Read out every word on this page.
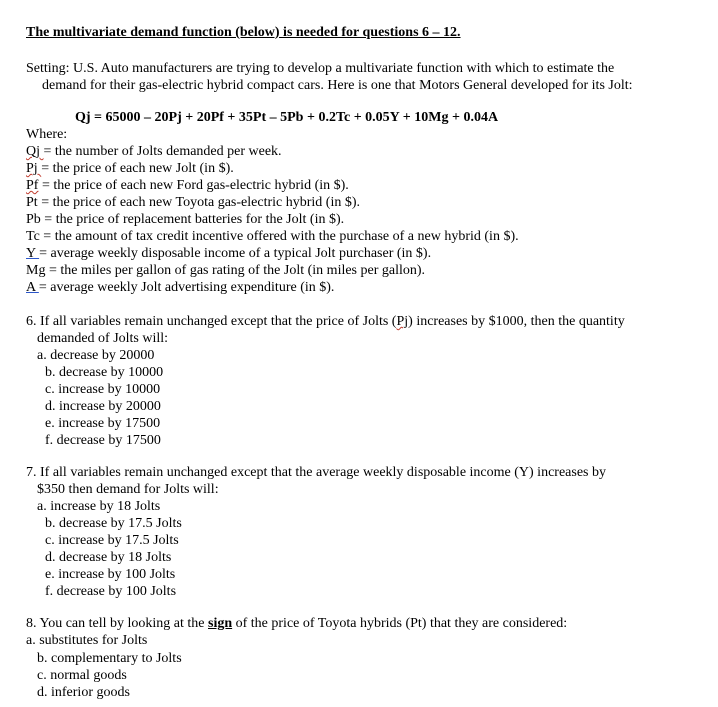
The multivariate demand function (below) is needed for questions 6 – 12.
Setting: U.S. Auto manufacturers are trying to develop a multivariate function with which to estimate the
demand for their gas-electric hybrid compact cars. Here is one that Motors General developed for its Jolt:
Qj = 65000 – 20Pj + 20Pf + 35Pt – 5Pb + 0.2Tc + 0.05Y + 10Mg + 0.04A
Where:
Qj = the number of Jolts demanded per week.
Pj = the price of each new Jolt (in $).
Pf = the price of each new Ford gas-electric hybrid (in $).
Pt = the price of each new Toyota gas-electric hybrid (in $).
Pb = the price of replacement batteries for the Jolt (in $).
Tc = the amount of tax credit incentive offered with the purchase of a new hybrid (in $).
Y = average weekly disposable income of a typical Jolt purchaser (in $).
Mg = the miles per gallon of gas rating of the Jolt (in miles per gallon).
A = average weekly Jolt advertising expenditure (in $).
6. If all variables remain unchanged except that the price of Jolts (Pj) increases by $1000, then the quantity
demanded of Jolts will:
a. decrease by 20000
b. decrease by 10000
c. increase by 10000
d. increase by 20000
e. increase by 17500
f. decrease by 17500
7. If all variables remain unchanged except that the average weekly disposable income (Y) increases by
$350 then demand for Jolts will:
a. increase by 18 Jolts
b. decrease by 17.5 Jolts
c. increase by 17.5 Jolts
d. decrease by 18 Jolts
e. increase by 100 Jolts
f. decrease by 100 Jolts
8. You can tell by looking at the sign of the price of Toyota hybrids (Pt) that they are considered:
a. substitutes for Jolts
b. complementary to Jolts
c. normal goods
d. inferior goods
